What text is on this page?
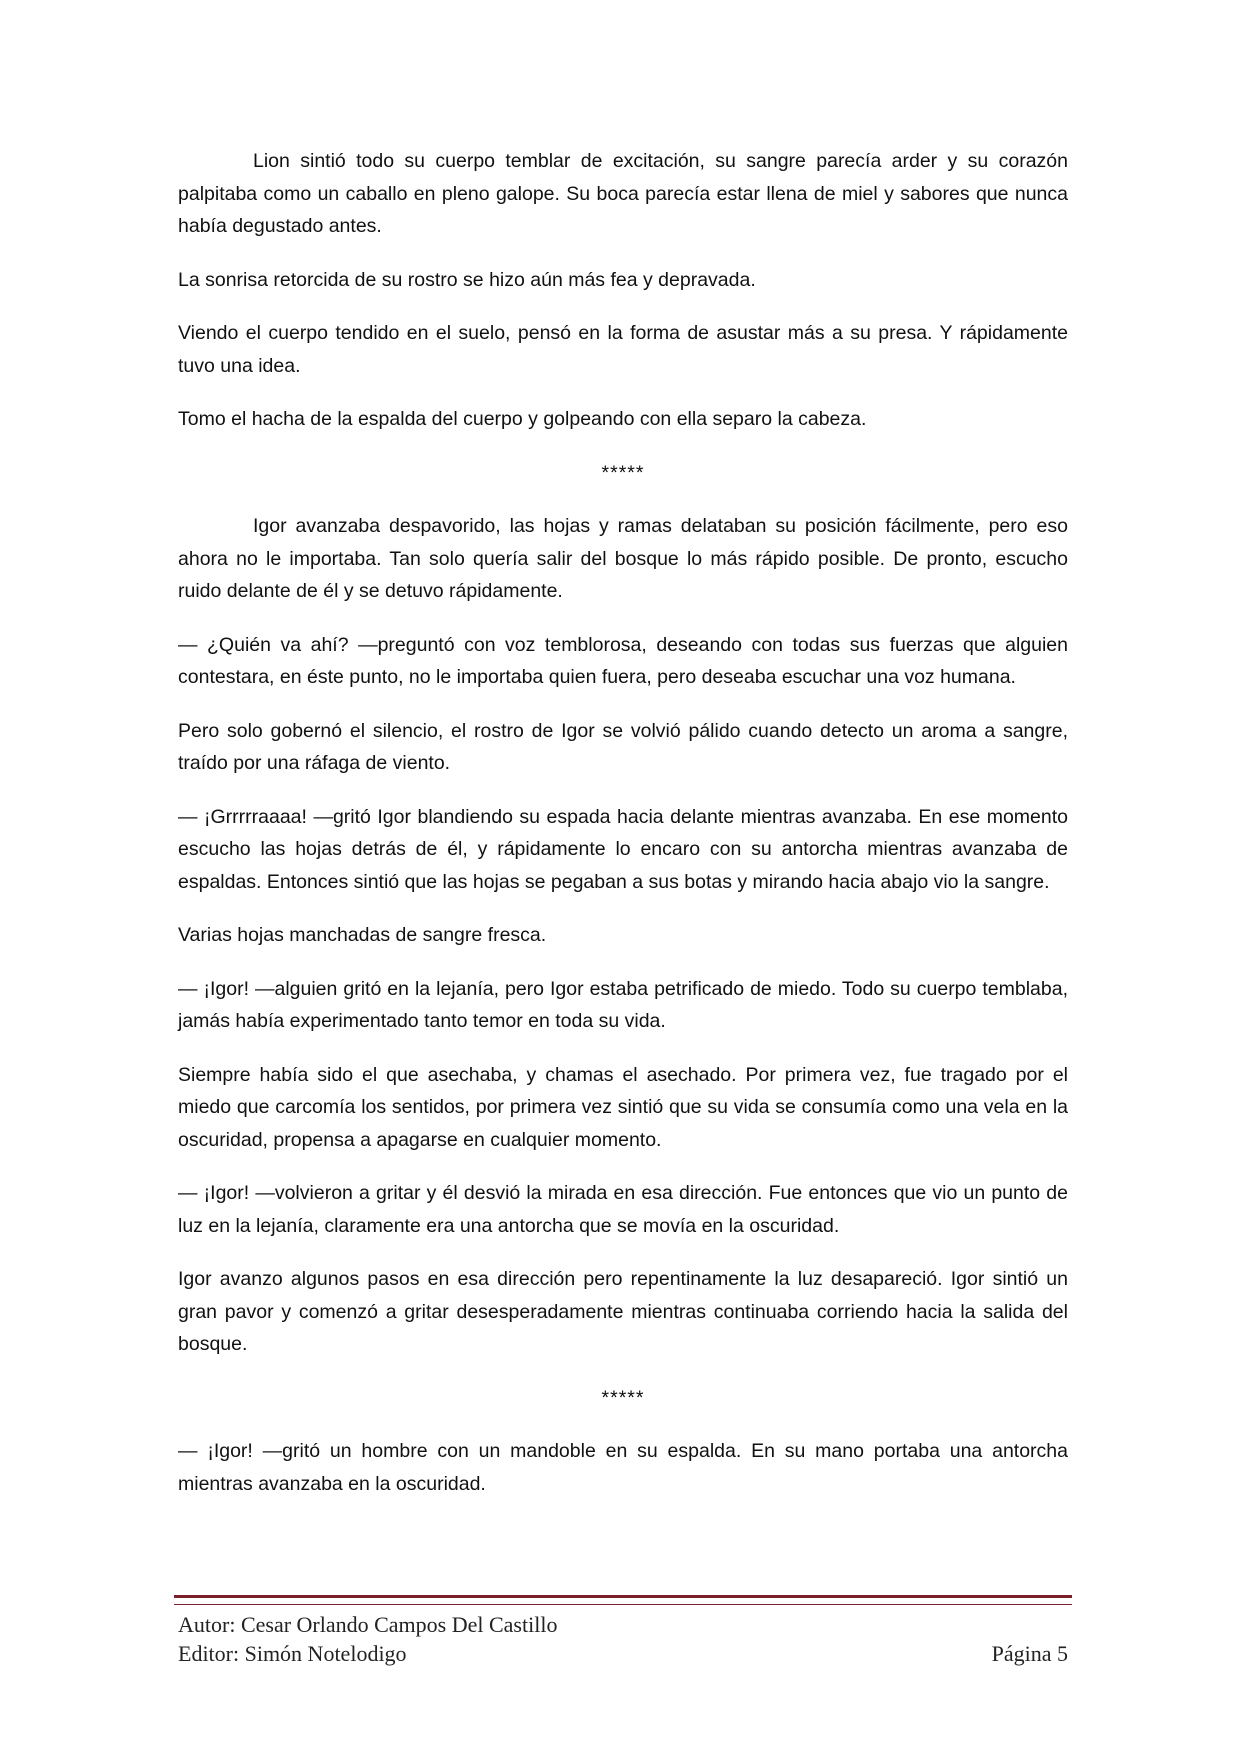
Lion sintió todo su cuerpo temblar de excitación, su sangre parecía arder y su corazón palpitaba como un caballo en pleno galope. Su boca parecía estar llena de miel y sabores que nunca había degustado antes.

La sonrisa retorcida de su rostro se hizo aún más fea y depravada.

Viendo el cuerpo tendido en el suelo, pensó en la forma de asustar más a su presa. Y rápidamente tuvo una idea.

Tomo el hacha de la espalda del cuerpo y golpeando con ella separo la cabeza.

*****

Igor avanzaba despavorido, las hojas y ramas delataban su posición fácilmente, pero eso ahora no le importaba. Tan solo quería salir del bosque lo más rápido posible. De pronto, escucho ruido delante de él y se detuvo rápidamente.

— ¿Quién va ahí? —preguntó con voz temblorosa, deseando con todas sus fuerzas que alguien contestara, en éste punto, no le importaba quien fuera, pero deseaba escuchar una voz humana.

Pero solo gobernó el silencio, el rostro de Igor se volvió pálido cuando detecto un aroma a sangre, traído por una ráfaga de viento.

— ¡Grrrrraaaa! —gritó Igor blandiendo su espada hacia delante mientras avanzaba. En ese momento escucho las hojas detrás de él, y rápidamente lo encaro con su antorcha mientras avanzaba de espaldas. Entonces sintió que las hojas se pegaban a sus botas y mirando hacia abajo vio la sangre.

Varias hojas manchadas de sangre fresca.

— ¡Igor! —alguien gritó en la lejanía, pero Igor estaba petrificado de miedo. Todo su cuerpo temblaba, jamás había experimentado tanto temor en toda su vida.

Siempre había sido el que asechaba, y chamas el asechado. Por primera vez, fue tragado por el miedo que carcomía los sentidos, por primera vez sintió que su vida se consumía como una vela en la oscuridad, propensa a apagarse en cualquier momento.

— ¡Igor! —volvieron a gritar y él desvió la mirada en esa dirección. Fue entonces que vio un punto de luz en la lejanía, claramente era una antorcha que se movía en la oscuridad.

Igor avanzo algunos pasos en esa dirección pero repentinamente la luz desapareció. Igor sintió un gran pavor y comenzó a gritar desesperadamente mientras continuaba corriendo hacia la salida del bosque.

*****

— ¡Igor! —gritó un hombre con un mandoble en su espalda. En su mano portaba una antorcha mientras avanzaba en la oscuridad.

Autor: Cesar Orlando Campos Del Castillo
Editor: Simón Notelodigo	Página 5
